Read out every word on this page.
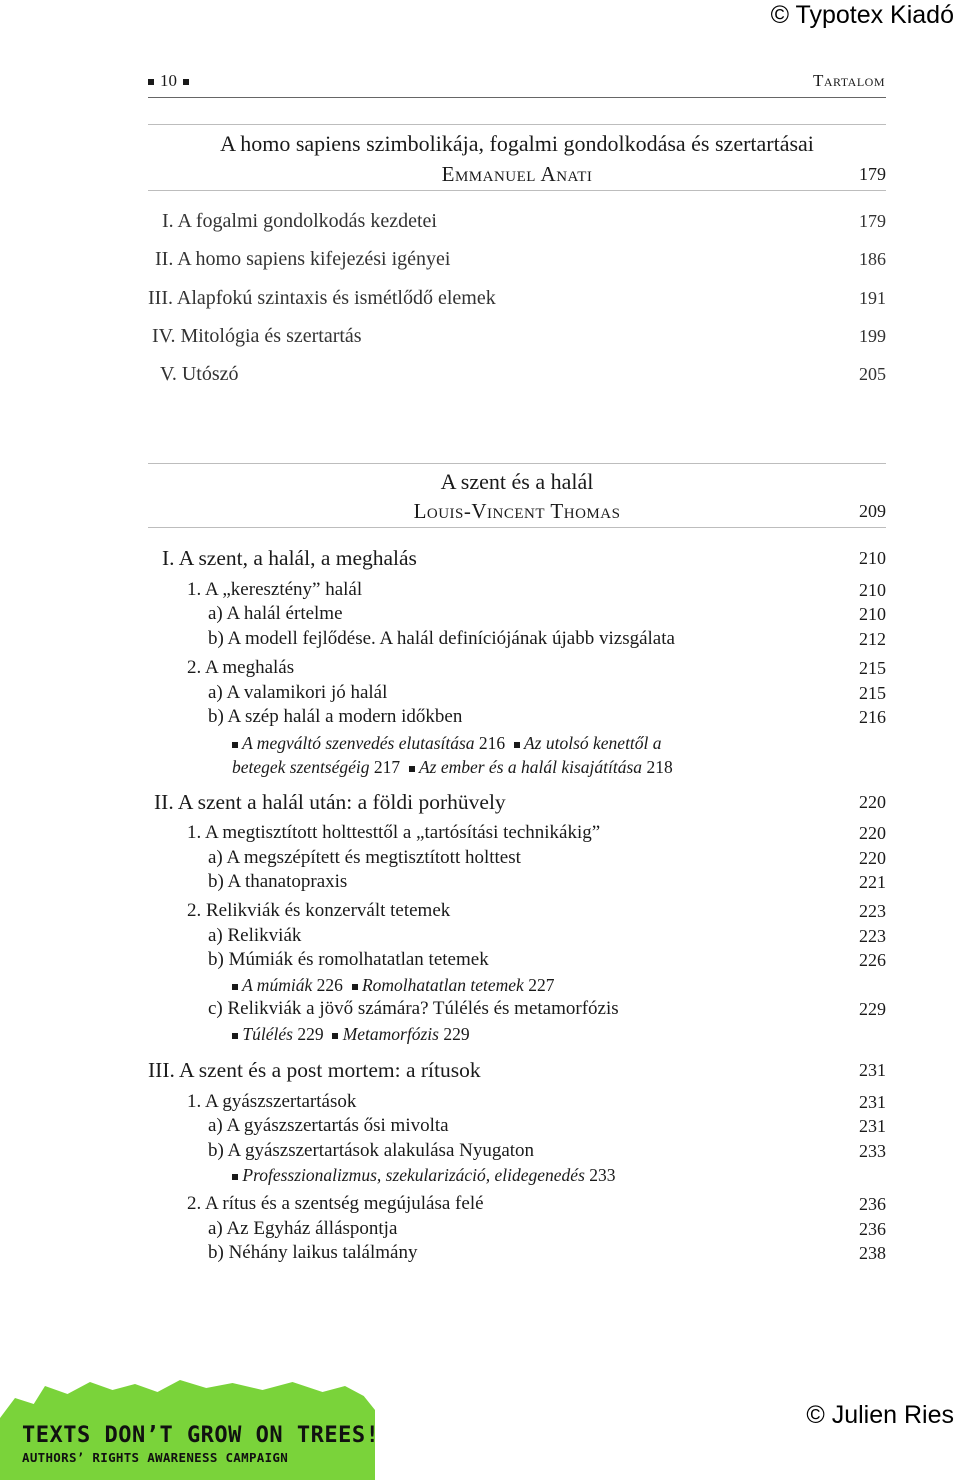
© Typotex Kiadó
10	Tartalom
A homo sapiens szimbolikája, fogalmi gondolkodása és szertartásai
Emmanuel Anati	179
I. A fogalmi gondolkodás kezdetei	179
II. A homo sapiens kifejezési igényei	186
III. Alapfokú szintaxis és ismétlődő elemek	191
IV. Mitológia és szertartás	199
V. Utószó	205
A szent és a halál
Louis-Vincent Thomas	209
I. A szent, a halál, a meghalás	210
1. A „keresztény” halál	210
a) A halál értelme	210
b) A modell fejlődése. A halál definíciójának újabb vizsgálata	212
2. A meghalás	215
a) A valamikori jó halál	215
b) A szép halál a modern időkben	216
A megváltó szenvedés elutasítása 216 Az utolsó kenettől a
betegek szentségéig 217 Az ember és a halál kisajátítása 218
II. A szent a halál után: a földi porhüvely	220
1. A megtisztított holttesttől a „tartósítási technikákig”	220
a) A megszépített és megtisztított holttest	220
b) A thanatopraxis	221
2. Relikviák és konzervált tetemek	223
a) Relikviák	223
b) Múmiák és romolhatatlan tetemek	226
A múmiák 226 Romolhatatlan tetemek 227
c) Relikviák a jövő számára? Túlélés és metamorfózis	229
Túlélés 229 Metamorfózis 229
III. A szent és a post mortem: a rítusok	231
1. A gyászszertartások	231
a) A gyászszertartás ősi mivolta	231
b) A gyászszertartások alakulása Nyugaton	233
Professzionalizmus, szekularizáció, elidegenedés 233
2. A rítus és a szentség megújulása felé	236
a) Az Egyház álláspontja	236
b) Néhány laikus találmány	238
TEXTS DON’T GROW ON TREES!
AUTHORS’ RIGHTS AWARENESS CAMPAIGN
© Julien Ries
